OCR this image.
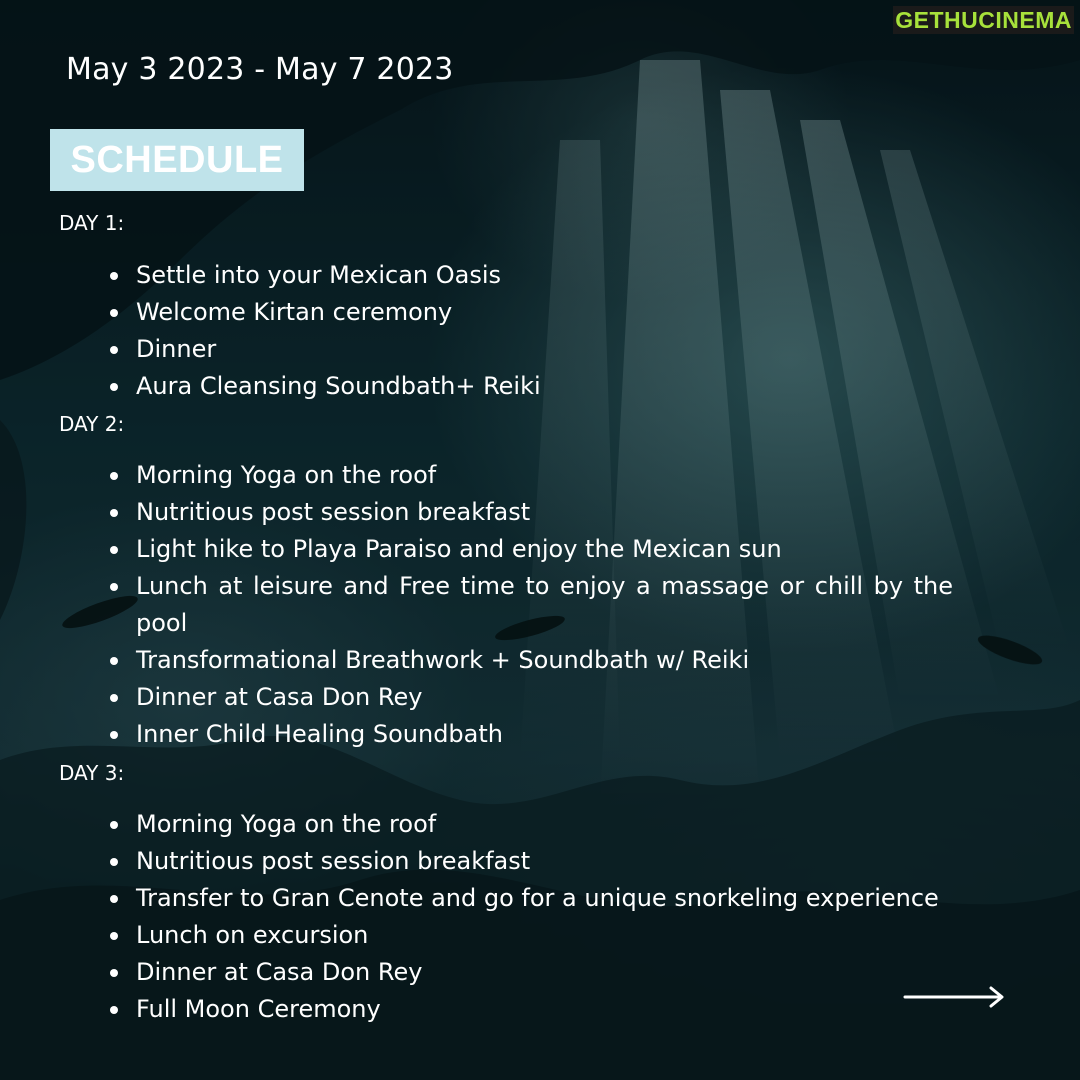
GETHUCINEMA
May 3 2023 - May 7 2023
SCHEDULE
DAY 1:
Settle into your Mexican Oasis
Welcome Kirtan ceremony
Dinner
Aura Cleansing Soundbath+ Reiki
DAY 2:
Morning Yoga on the roof
Nutritious post session breakfast
Light hike to Playa Paraiso and enjoy the Mexican sun
Lunch at leisure and Free time to enjoy a massage or chill by the pool
Transformational Breathwork + Soundbath w/ Reiki
Dinner at Casa Don Rey
Inner Child Healing Soundbath
DAY 3:
Morning Yoga on the roof
Nutritious post session breakfast
Transfer to Gran Cenote and go for a unique snorkeling experience
Lunch on excursion
Dinner at Casa Don Rey
Full Moon Ceremony
